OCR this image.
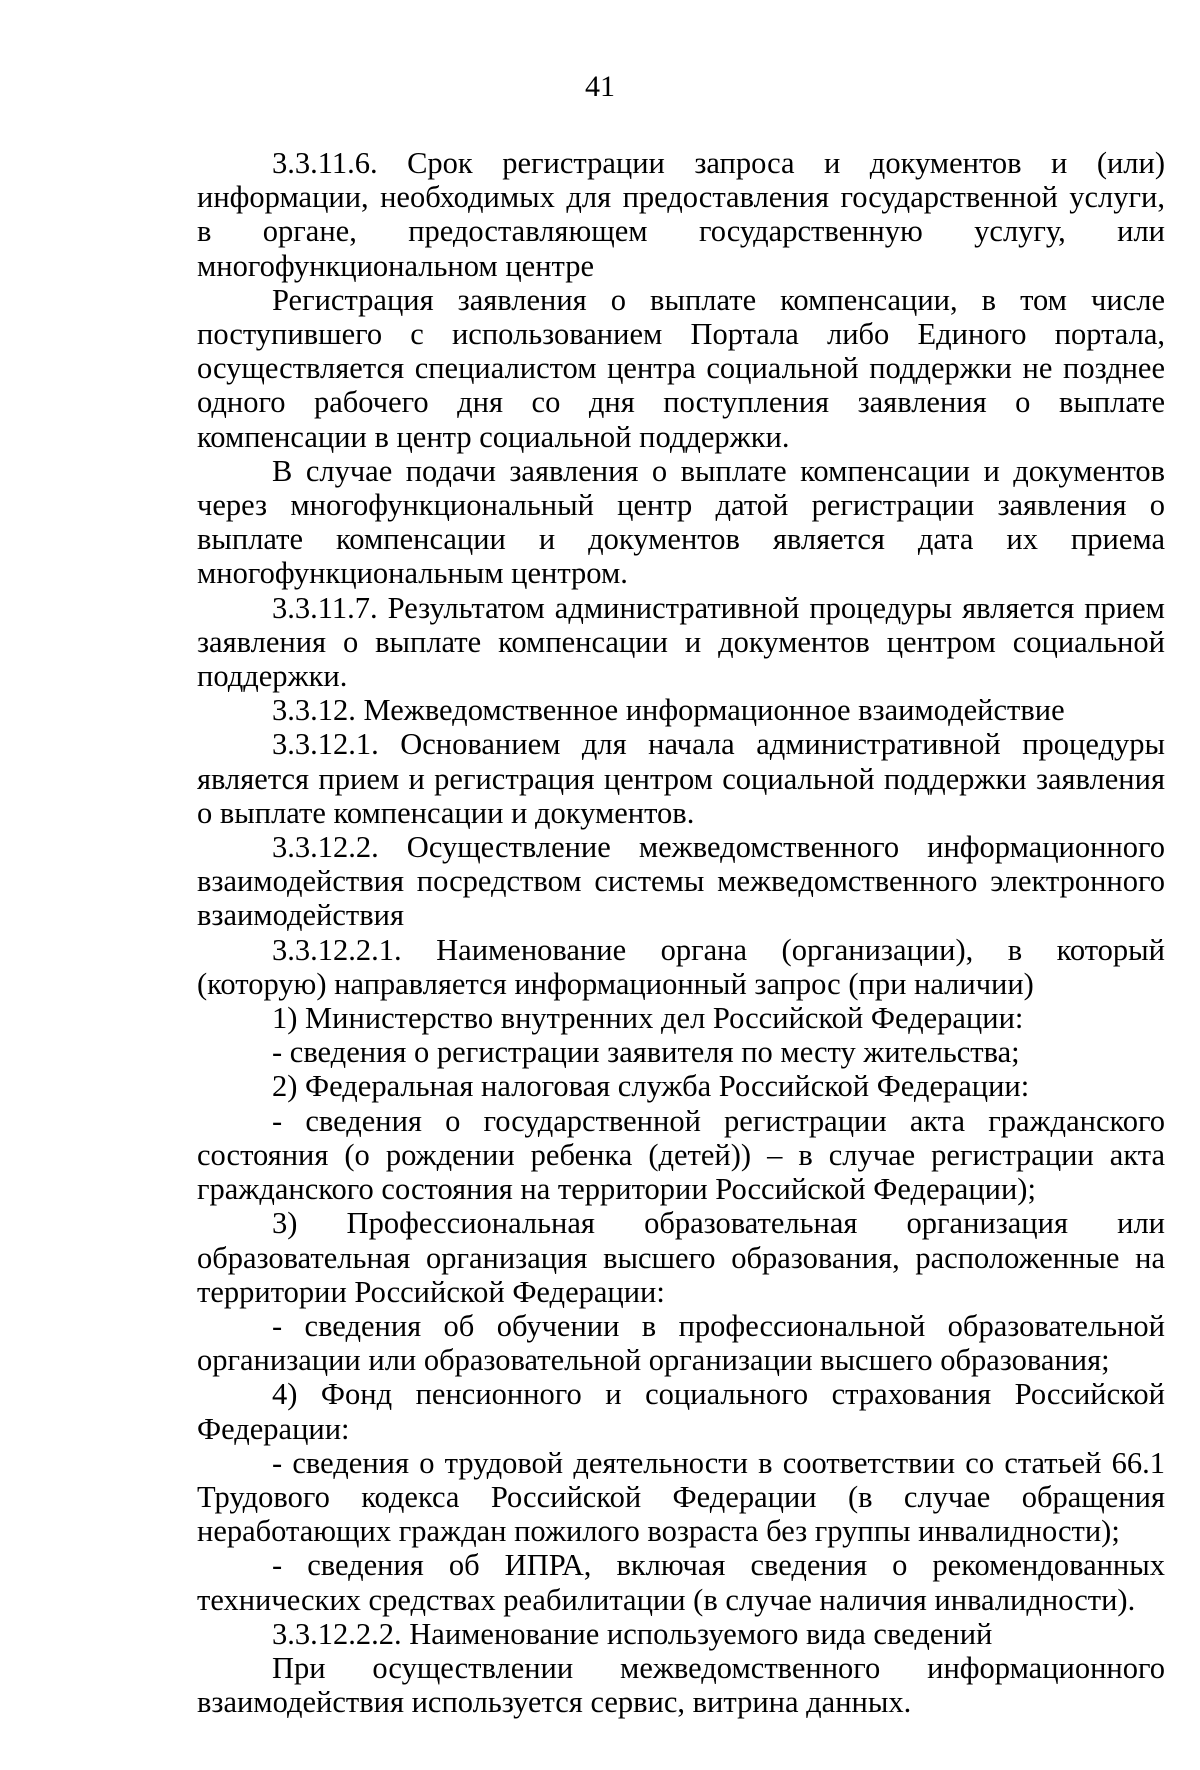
41

3.3.11.6. Срок регистрации запроса и документов и (или) информации, необходимых для предоставления государственной услуги, в органе, предоставляющем государственную услугу, или многофункциональном центре

Регистрация заявления о выплате компенсации, в том числе поступившего с использованием Портала либо Единого портала, осуществляется специалистом центра социальной поддержки не позднее одного рабочего дня со дня поступления заявления о выплате компенсации в центр социальной поддержки.

В случае подачи заявления о выплате компенсации и документов через многофункциональный центр датой регистрации заявления о выплате компенсации и документов является дата их приема многофункциональным центром.

3.3.11.7. Результатом административной процедуры является прием заявления о выплате компенсации и документов центром социальной поддержки.

3.3.12. Межведомственное информационное взаимодействие

3.3.12.1. Основанием для начала административной процедуры является прием и регистрация центром социальной поддержки заявления о выплате компенсации и документов.

3.3.12.2. Осуществление межведомственного информационного взаимодействия посредством системы межведомственного электронного взаимодействия

3.3.12.2.1. Наименование органа (организации), в который (которую) направляется информационный запрос (при наличии)

1) Министерство внутренних дел Российской Федерации:

- сведения о регистрации заявителя по месту жительства;

2) Федеральная налоговая служба Российской Федерации:

- сведения о государственной регистрации акта гражданского состояния (о рождении ребенка (детей)) – в случае регистрации акта гражданского состояния на территории Российской Федерации);

3) Профессиональная образовательная организация или образовательная организация высшего образования, расположенные на территории Российской Федерации:

- сведения об обучении в профессиональной образовательной организации или образовательной организации высшего образования;

4) Фонд пенсионного и социального страхования Российской Федерации:

- сведения о трудовой деятельности в соответствии со статьей 66.1 Трудового кодекса Российской Федерации (в случае обращения неработающих граждан пожилого возраста без группы инвалидности);

- сведения об ИПРА, включая сведения о рекомендованных технических средствах реабилитации (в случае наличия инвалидности).

3.3.12.2.2. Наименование используемого вида сведений

При осуществлении межведомственного информационного взаимодействия используется сервис, витрина данных.
